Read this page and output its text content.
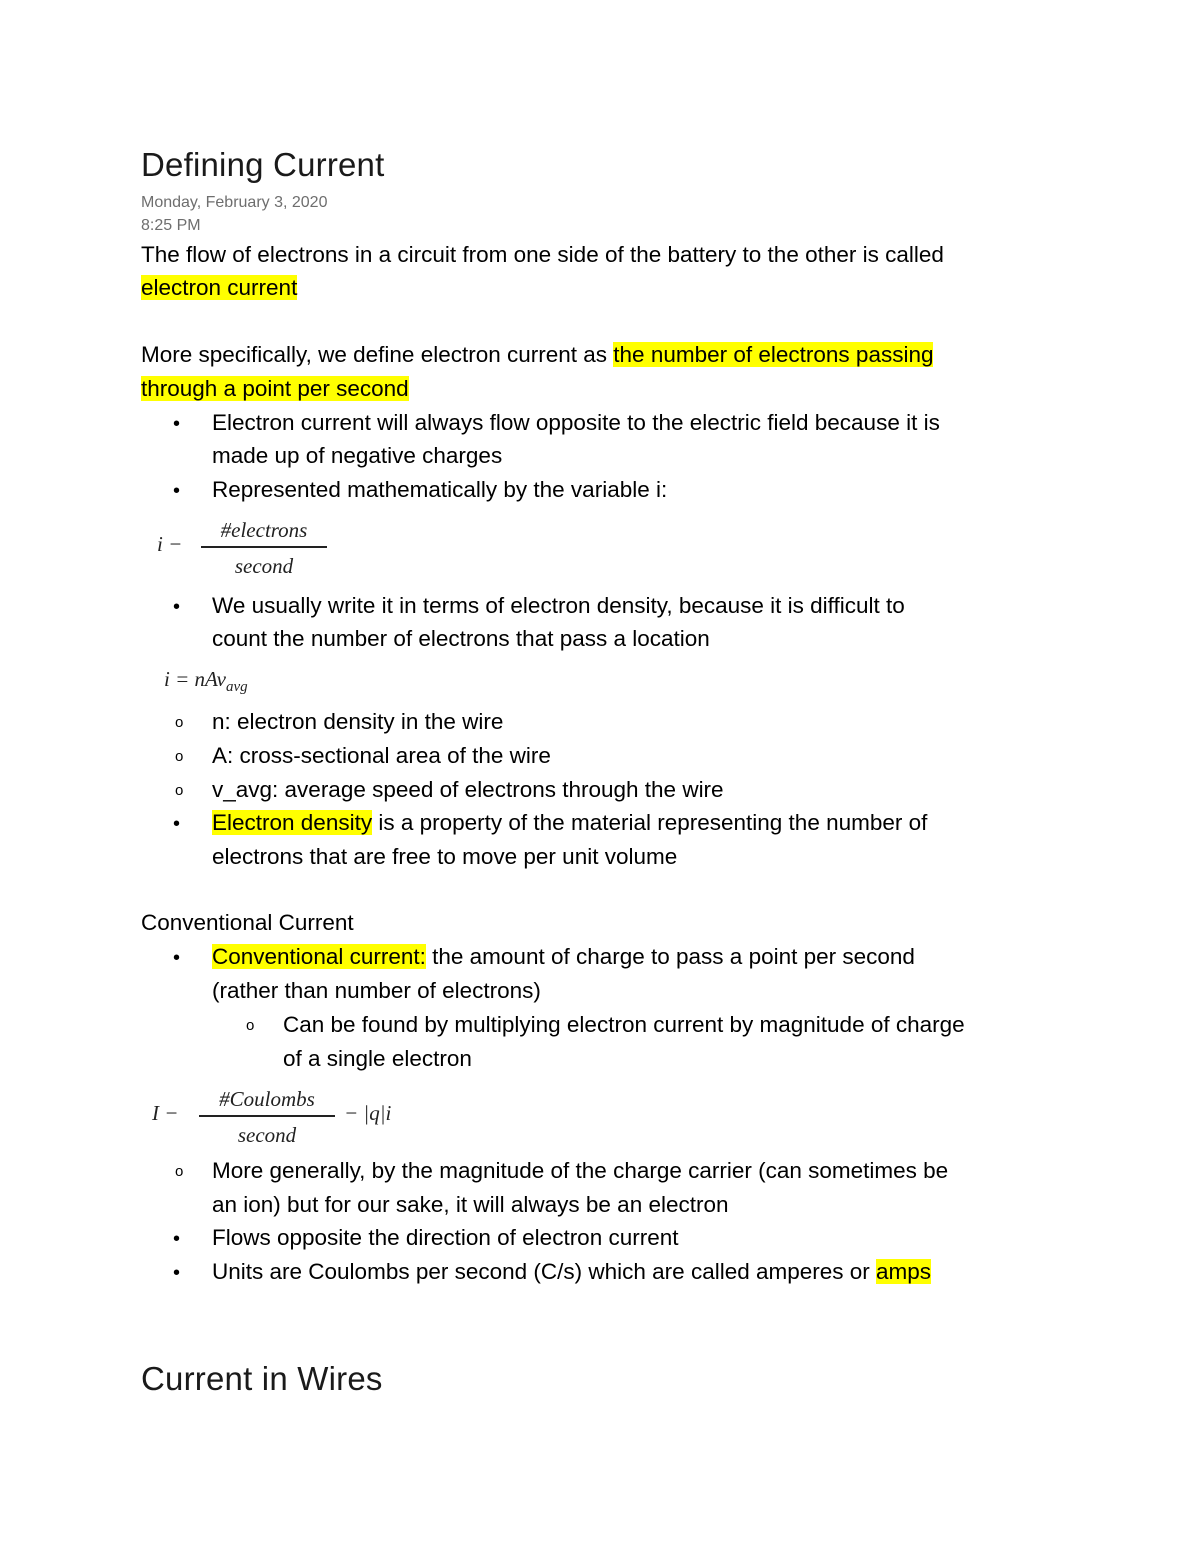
Defining Current
Monday, February 3, 2020
8:25 PM
The flow of electrons in a circuit from one side of the battery to the other is called
electron current
More specifically, we define electron current as the number of electrons passing
through a point per second
• Electron current will always flow opposite to the electric field because it is
made up of negative charges
• Represented mathematically by the variable i:
i −
#electrons
second
• We usually write it in terms of electron density, because it is difficult to
count the number of electrons that pass a location
i = nAv$_{avg}$
o n: electron density in the wire
o A: cross-sectional area of the wire
o v_avg: average speed of electrons through the wire
• Electron density is a property of the material representing the number of
electrons that are free to move per unit volume
Conventional Current
• Conventional current: the amount of charge to pass a point per second
(rather than number of electrons)
o Can be found by multiplying electron current by magnitude of charge
of a single electron
I −
#Coulombs
second
− |q|i
o More generally, by the magnitude of the charge carrier (can sometimes be
an ion) but for our sake, it will always be an electron
• Flows opposite the direction of electron current
• Units are Coulombs per second (C/s) which are called amperes or amps
Current in Wires
